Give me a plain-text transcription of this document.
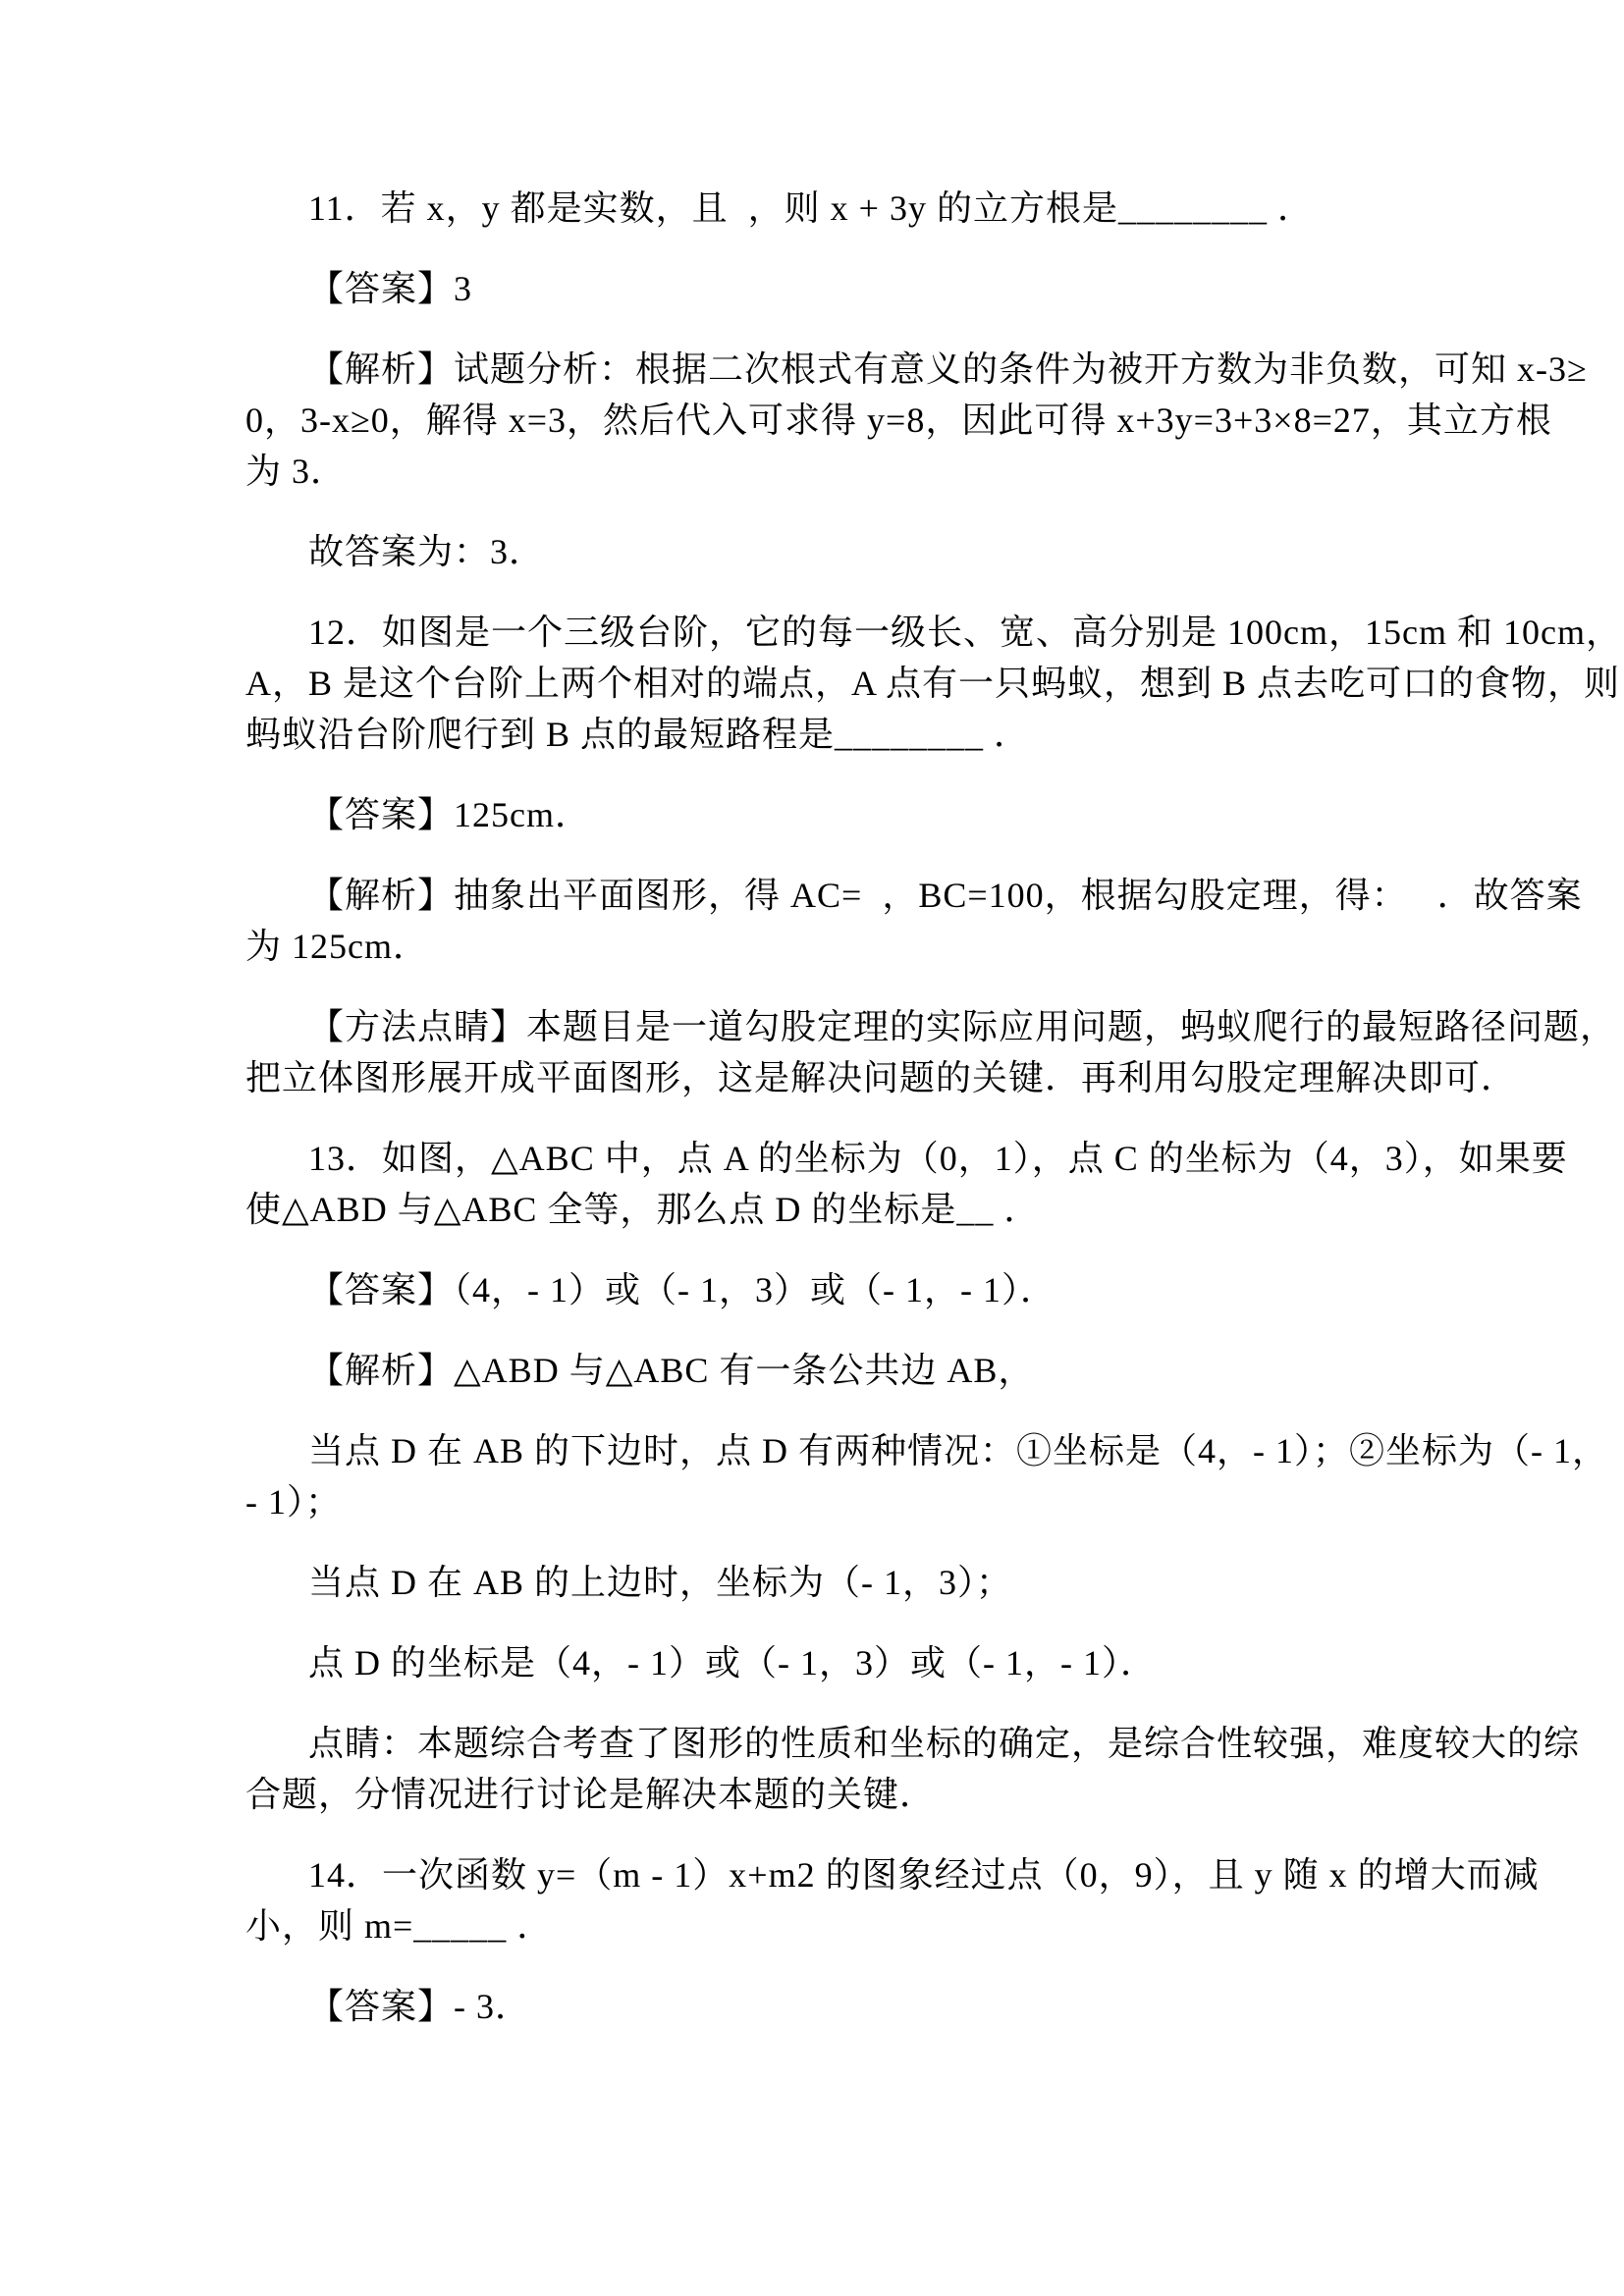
11．若 x，y 都是实数，且  ，则 x + 3y 的立方根是________ ．
【答案】3
【解析】试题分析：根据二次根式有意义的条件为被开方数为非负数，可知 x-3≥
0，3-x≥0，解得 x=3，然后代入可求得 y=8，因此可得 x+3y=3+3×8=27，其立方根
为 3．
故答案为：3．
12．如图是一个三级台阶，它的每一级长、宽、高分别是 100cm，15cm 和 10cm，
A，B 是这个台阶上两个相对的端点，A 点有一只蚂蚁，想到 B 点去吃可口的食物，则
蚂蚁沿台阶爬行到 B 点的最短路程是________ ．
【答案】125cm．
【解析】抽象出平面图形，得 AC=  ，BC=100，根据勾股定理，得：   ．故答案
为 125cm．
【方法点睛】本题目是一道勾股定理的实际应用问题，蚂蚁爬行的最短路径问题，
把立体图形展开成平面图形，这是解决问题的关键．再利用勾股定理解决即可．
13．如图，△ABC 中，点 A 的坐标为（0，1），点 C 的坐标为（4，3），如果要
使△ABD 与△ABC 全等，那么点 D 的坐标是__ ．
【答案】（4，- 1）或（- 1，3）或（- 1，- 1）．
【解析】△ABD 与△ABC 有一条公共边 AB，
当点 D 在 AB 的下边时，点 D 有两种情况：①坐标是（4，- 1）；②坐标为（- 1，
- 1）；
当点 D 在 AB 的上边时，坐标为（- 1，3）；
点 D 的坐标是（4，- 1）或（- 1，3）或（- 1，- 1）．
点睛：本题综合考查了图形的性质和坐标的确定，是综合性较强，难度较大的综
合题，分情况进行讨论是解决本题的关键．
14．一次函数 y=（m - 1）x+m2 的图象经过点（0，9），且 y 随 x 的增大而减
小，则 m=_____ ．
【答案】- 3．
